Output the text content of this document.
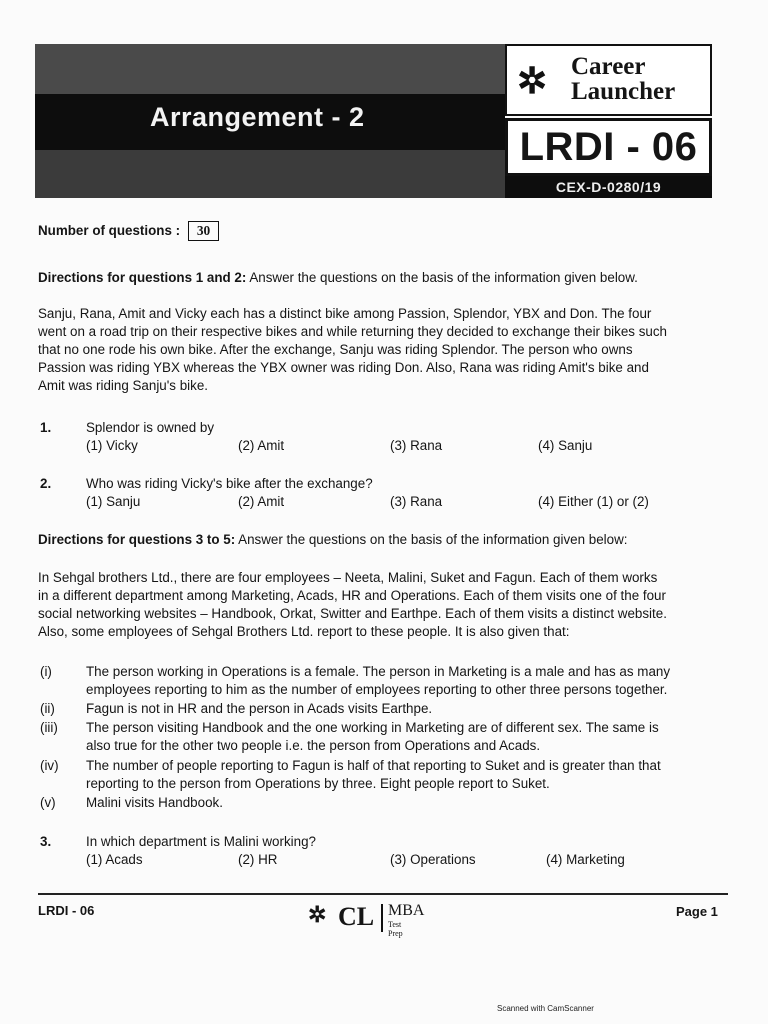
Arrangement - 2
✲ Career
Launcher
LRDI - 06
CEX-D-0280/19
Number of questions : 30
Directions for questions 1 and 2: Answer the questions on the basis of the information given below.
Sanju, Rana, Amit and Vicky each has a distinct bike among Passion, Splendor, YBX and Don. The four
went on a road trip on their respective bikes and while returning they decided to exchange their bikes such
that no one rode his own bike. After the exchange, Sanju was riding Splendor. The person who owns
Passion was riding YBX whereas the YBX owner was riding Don. Also, Rana was riding Amit's bike and
Amit was riding Sanju's bike.
1.	Splendor is owned by
(1) Vicky	(2) Amit	(3) Rana	(4) Sanju
2.	Who was riding Vicky's bike after the exchange?
(1) Sanju	(2) Amit	(3) Rana	(4) Either (1) or (2)
Directions for questions 3 to 5: Answer the questions on the basis of the information given below:
In Sehgal brothers Ltd., there are four employees – Neeta, Malini, Suket and Fagun. Each of them works
in a different department among Marketing, Acads, HR and Operations. Each of them visits one of the four
social networking websites – Handbook, Orkat, Switter and Earthpe. Each of them visits a distinct website.
Also, some employees of Sehgal Brothers Ltd. report to these people. It is also given that:
(i)	The person working in Operations is a female. The person in Marketing is a male and has as many
employees reporting to him as the number of employees reporting to other three persons together.
(ii) Fagun is not in HR and the person in Acads visits Earthpe.
(iii) The person visiting Handbook and the one working in Marketing are of different sex. The same is
also true for the other two people i.e. the person from Operations and Acads.
(iv) The number of people reporting to Fagun is half of that reporting to Suket and is greater than that
reporting to the person from Operations by three. Eight people report to Suket.
(v) Malini visits Handbook.
3.	In which department is Malini working?
(1) Acads	(2) HR	(3) Operations	(4) Marketing
LRDI - 06	✲ CL MBA
Test Prep
Page 1
Scanned with CamScanner
